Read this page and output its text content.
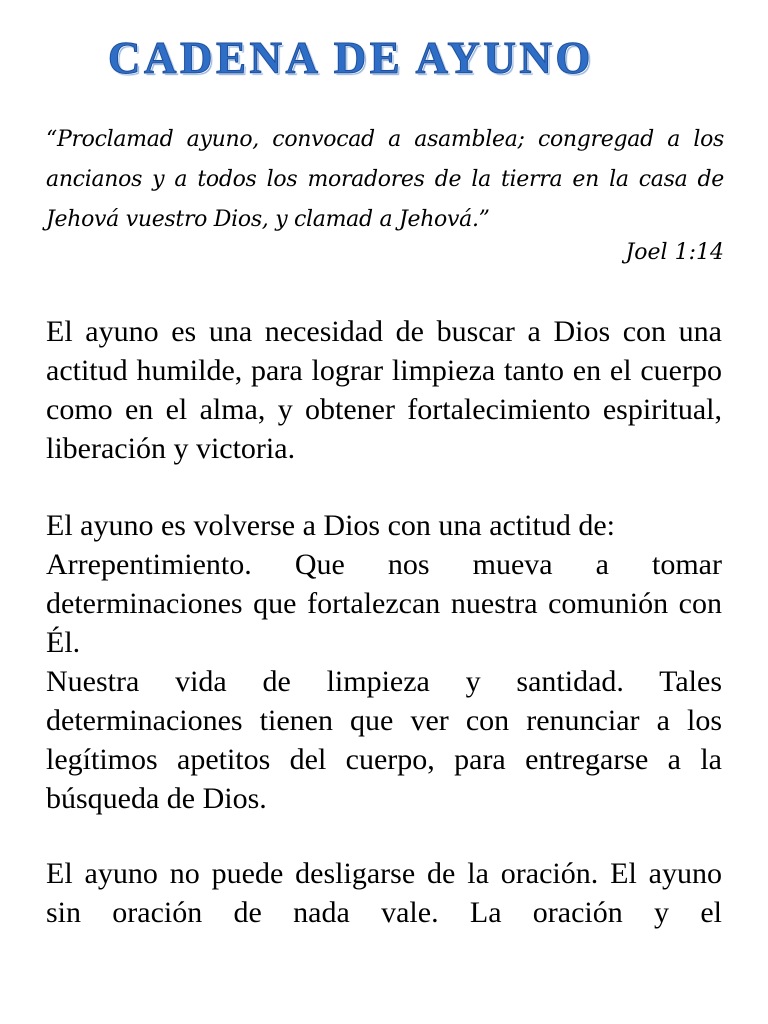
CADENA DE AYUNO

“Proclamad ayuno, convocad a asamblea; congregad a los ancianos y a todos los moradores de la tierra en la casa de Jehová vuestro Dios, y clamad a Jehová.”

Joel 1:14

El ayuno es una necesidad de buscar a Dios con una actitud humilde, para lograr limpieza tanto en el cuerpo como en el alma, y obtener fortalecimiento espiritual, liberación y victoria.

El ayuno es volverse a Dios con una actitud de:
Arrepentimiento. Que nos mueva a tomar determinaciones que fortalezcan nuestra comunión con Él.
Nuestra vida de limpieza y santidad. Tales determinaciones tienen que ver con renunciar a los legítimos apetitos del cuerpo, para entregarse a la búsqueda de Dios.
El ayuno no puede desligarse de la oración. El ayuno sin oración de nada vale. La oración y el
